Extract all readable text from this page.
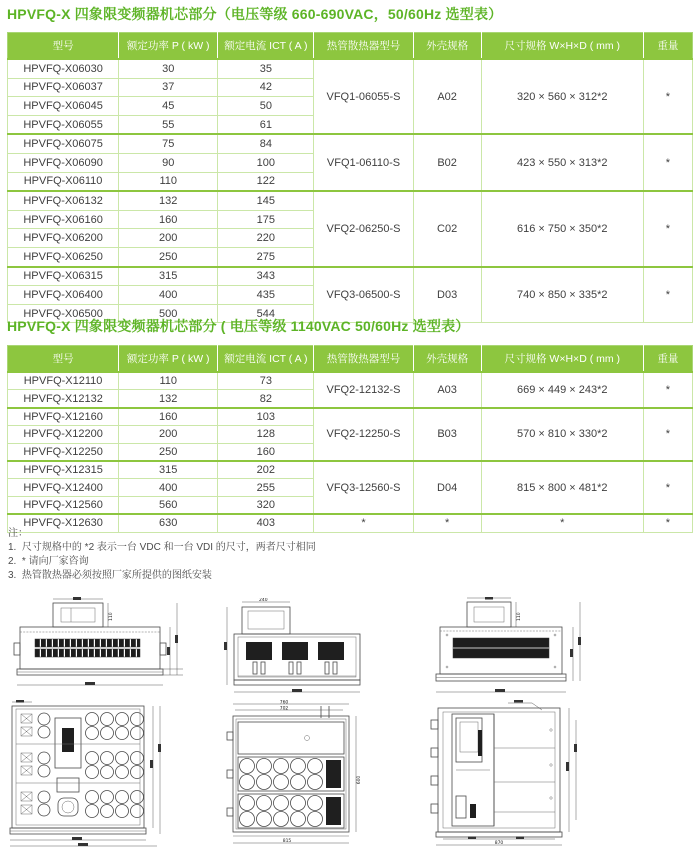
HPVFQ-X 四象限变频器机芯部分（电压等级 660-690VAC，50/60Hz 选型表）
型号	额定功率 P ( kW )	额定电流 ICT ( A )	热管散热器型号	外壳规格	尺寸规格 W×H×D ( mm )	重量
HPVFQ-X06030	30	35	VFQ1-06055-S	A02	320 × 560 × 312*2	*
HPVFQ-X06037	37	42				
HPVFQ-X06045	45	50				
HPVFQ-X06055	55	61				
HPVFQ-X06075	75	84	VFQ1-06110-S	B02	423 × 550 × 313*2	*
HPVFQ-X06090	90	100				
HPVFQ-X06110	110	122				
HPVFQ-X06132	132	145	VFQ2-06250-S	C02	616 × 750 × 350*2	*
HPVFQ-X06160	160	175				
HPVFQ-X06200	200	220				
HPVFQ-X06250	250	275				
HPVFQ-X06315	315	343	VFQ3-06500-S	D03	740 × 850 × 335*2	*
HPVFQ-X06400	400	435				
HPVFQ-X06500	500	544				
HPVFQ-X 四象限变频器机芯部分 ( 电压等级 1140VAC 50/60Hz 选型表）
型号	额定功率 P ( kW )	额定电流 ICT ( A )	热管散热器型号	外壳规格	尺寸规格 W×H×D ( mm )	重量
HPVFQ-X12110	110	73	VFQ2-12132-S	A03	669 × 449 × 243*2	*
HPVFQ-X12132	132	82				
HPVFQ-X12160	160	103	VFQ2-12250-S	B03	570 × 810 × 330*2	*
HPVFQ-X12200	200	128				
HPVFQ-X12250	250	160				
HPVFQ-X12315	315	202	VFQ3-12560-S	D04	815 × 800 × 481*2	*
HPVFQ-X12400	400	255				
HPVFQ-X12560	560	320				
HPVFQ-X12630	630	403	*	*	*	*
注：
1.  尺寸规格中的 *2 表示一台 VDC 和一台 VDI 的尺寸，两者尺寸相同
2.  * 请向厂家咨询
3.  热管散热器必须按照厂家所提供的图纸安装
110
240
110
760
702
600
815	870
